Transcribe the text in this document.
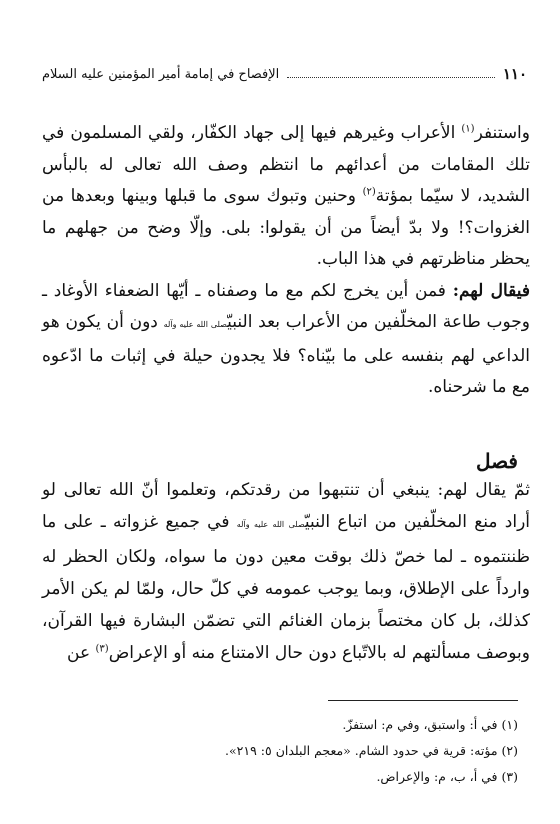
١١٠
الإفصاح في إمامة أمير المؤمنين عليه السلام

واستنفر$^{(١)}$ الأعراب وغيرهم فيها إلى جهاد الكفّار، ولقي المسلمون في تلك المقامات من أعدائهم ما انتظم وصف الله تعالى له بالبأس الشديد، لا سيّما بمؤتة$^{(٢)}$ وحنين وتبوك سوى ما قبلها وبينها وبعدها من الغزوات؟! ولا بدّ أيضاً من أن يقولوا: بلى. وإلّا وضح من جهلهم ما يحظر مناظرتهم في هذا الباب.

فيقال لهم: فمن أين يخرج لكم مع ما وصفناه ـ أيّها الضعفاء الأوغاد ـ وجوب طاعة المخلّفين من الأعراب بعد النبيّصلى الله عليه وآله دون أن يكون هو الداعي لهم بنفسه على ما بيّناه؟ فلا يجدون حيلة في إثبات ما ادّعوه مع ما شرحناه.

فصل

ثمّ يقال لهم: ينبغي أن تنتبهوا من رقدتكم، وتعلموا أنّ الله تعالى لو أراد منع المخلّفين من اتباع النبيّصلى الله عليه وآله في جميع غزواته ـ على ما ظننتموه ـ لما خصّ ذلك بوقت معين دون ما سواه، ولكان الحظر له وارداً على الإطلاق، وبما يوجب عمومه في كلّ حال، ولمّا لم يكن الأمر كذلك، بل كان مختصاً بزمان الغنائم التي تضمّن البشارة فيها القرآن، وبوصف مسألتهم له بالاتّباع دون حال الامتناع منه أو الإعراض$^{(٣)}$ عن

(١) في أ: واستبق، وفي م: استفزّ.
(٢) مؤته: قرية في حدود الشام. «معجم البلدان ٥: ٢١٩».
(٣) في أ، ب، م: والإعراض.
